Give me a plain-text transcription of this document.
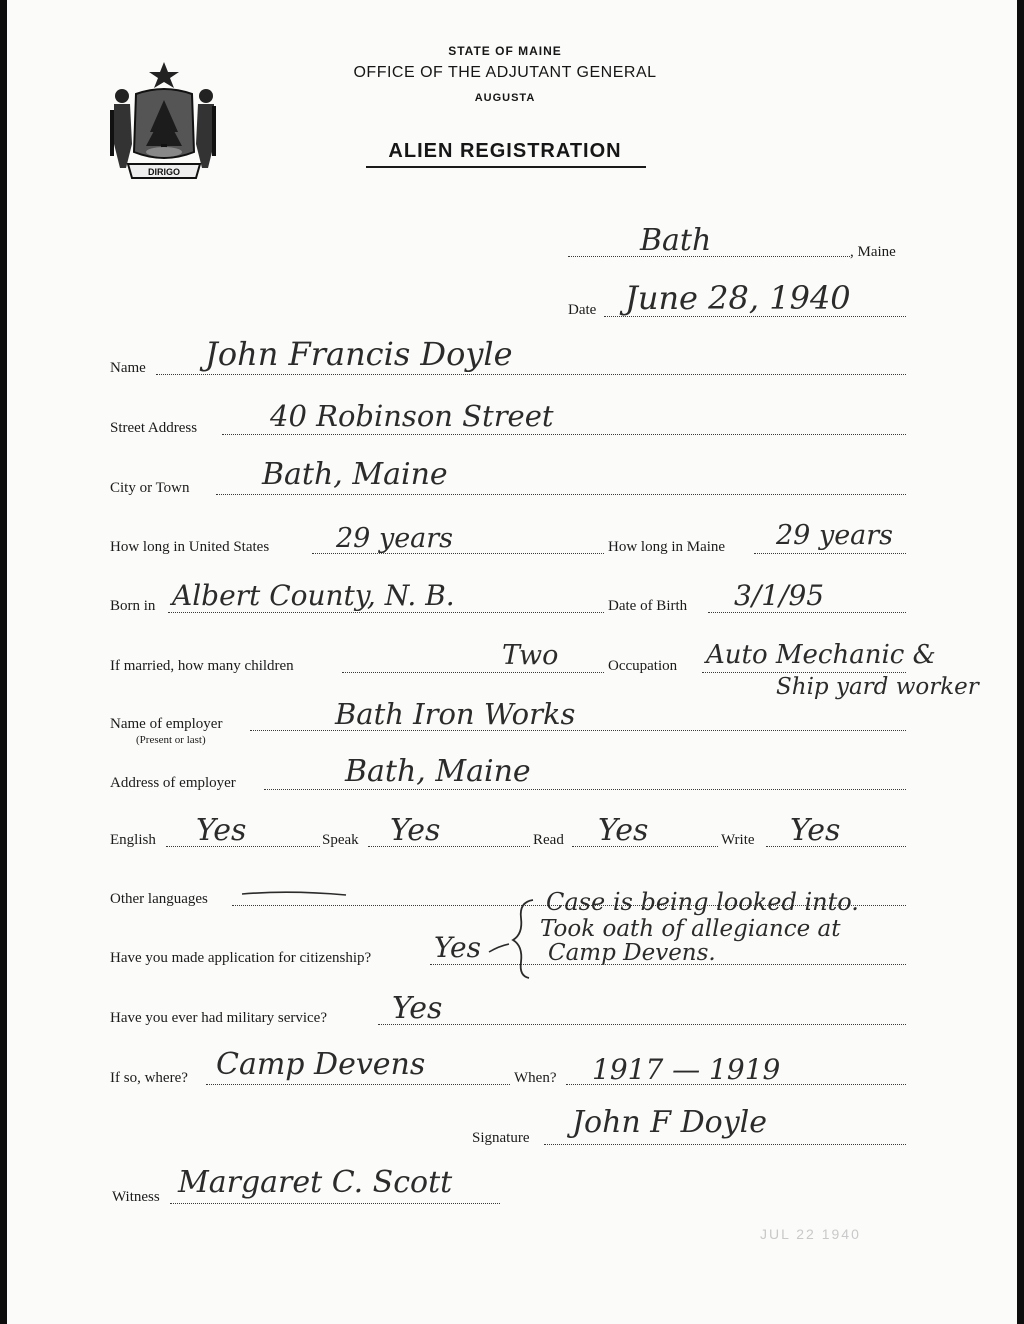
DIRIGO
STATE OF MAINE
OFFICE OF THE ADJUTANT GENERAL
AUGUSTA
ALIEN REGISTRATION
Bath	, Maine
Date June 28, 1940
Name John Francis Doyle
Street Address	40 Robinson Street
City or Town Bath, Maine
How long in United States 29 years	How long in Maine 29 years
Born in Albert County, N. B.	Date of Birth 3/1/95
If married, how many children	Two	Occupation Auto Mechanic &
Ship yard worker
Name of employer
(Present or last)
Bath Iron Works
Address of employer	Bath, Maine
English Yes	Speak Yes	Read Yes	Write Yes
Other languages
Have you made application for citizenship? Yes
Case is being looked into.
Took oath of allegiance at
Camp Devens.
Have you ever had military service? Yes
If so, where? Camp Devens	When? 1917 — 1919
Signature John F Doyle
Witness Margaret C. Scott
JUL 22 1940
